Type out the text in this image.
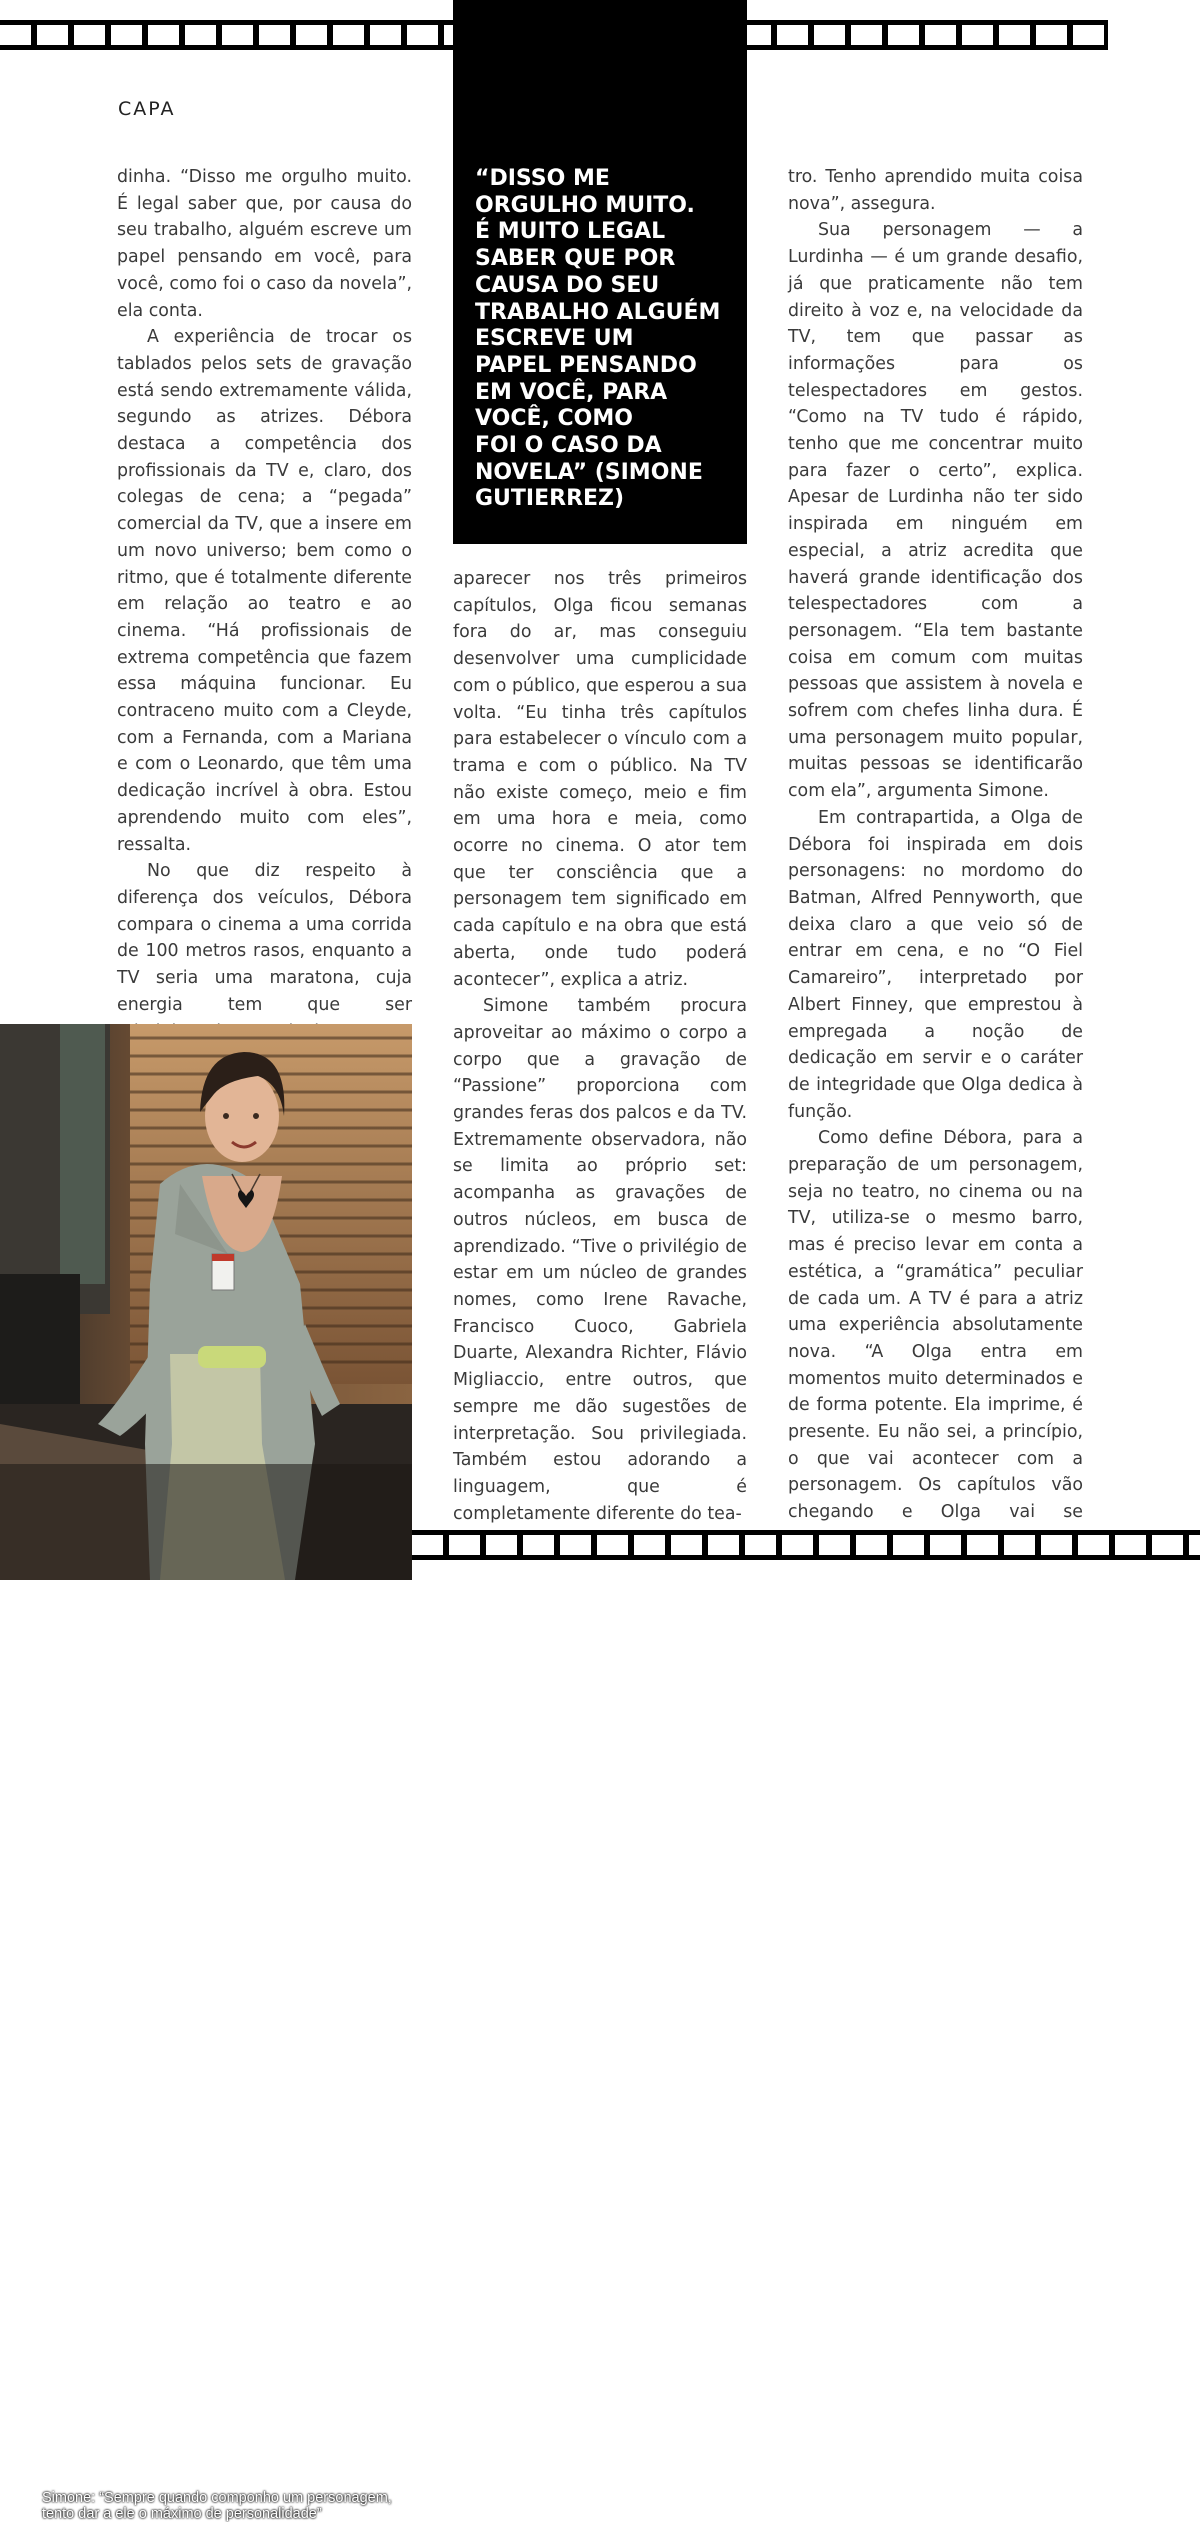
CAPA

“DISSO ME
ORGULHO MUITO.
É MUITO LEGAL
SABER QUE POR
CAUSA DO SEU
TRABALHO ALGUÉM
ESCREVE UM
PAPEL PENSANDO
EM VOCÊ, PARA
VOCÊ, COMO
FOI O CASO DA
NOVELA” (SIMONE
GUTIERREZ)

dinha. “Disso me orgulho muito. É legal saber que, por causa do seu trabalho, alguém escreve um papel pensando em você, para você, como foi o caso da novela”, ela conta.

A experiência de trocar os tablados pelos sets de gravação está sendo extremamente válida, segundo as atrizes. Débora destaca a competência dos profissionais da TV e, claro, dos colegas de cena; a “pegada” comercial da TV, que a insere em um novo universo; bem como o ritmo, que é totalmente diferente em relação ao teatro e ao cinema. “Há profissionais de extrema competência que fazem essa máquina funcionar. Eu contraceno muito com a Cleyde, com a Fernanda, com a Mariana e com o Leonardo, que têm uma dedicação incrível à obra. Estou aprendendo muito com eles”, ressalta.

No que diz respeito à diferença dos veículos, Débora compara o cinema a uma corrida de 100 metros rasos, enquanto a TV seria uma maratona, cuja energia tem que ser

aparecer nos três primeiros capítulos, Olga ficou semanas fora do ar, mas conseguiu desenvolver uma cumplicidade com o público, que esperou a sua volta. “Eu tinha três capítulos para estabelecer o vínculo com a trama e com o público. Na TV não existe começo, meio e fim em uma hora e meia, como ocorre no cinema. O ator tem que ter consciência que a personagem tem significado em cada capítulo e na obra que está aberta, onde tudo poderá acontecer”, explica a atriz.

Simone também procura aproveitar ao máximo o corpo a corpo que a gravação de “Passione” proporciona com grandes feras dos palcos e da TV. Extremamente observadora, não se limita ao próprio set: acompanha as gravações de outros núcleos, em busca de aprendizado. “Tive o privilégio de estar em um núcleo de grandes nomes, como Irene Ravache, Francisco Cuoco, Gabriela Duarte, Alexandra Richter, Flávio Migliaccio, entre outros, que sempre me dão sugestões de interpretação. Sou privilegiada. Também estou adorando a linguagem, que é completamente diferente do tea-

tro. Tenho aprendido muita coisa nova”, assegura.

Sua personagem — a Lurdinha — é um grande desafio, já que praticamente não tem direito à voz e, na velocidade da TV, tem que passar as informações para os telespectadores em gestos. “Como na TV tudo é rápido, tenho que me concentrar muito para fazer o certo”, explica. Apesar de Lurdinha não ter sido inspirada em ninguém em especial, a atriz acredita que haverá grande identificação dos telespectadores com a personagem. “Ela tem bastante coisa em comum com muitas pessoas que assistem à novela e sofrem com chefes linha dura. É uma personagem muito popular, muitas pessoas se identificarão com ela”, argumenta Simone.

Em contrapartida, a Olga de Débora foi inspirada em dois personagens: no mordomo do Batman, Alfred Pennyworth, que deixa claro a que veio só de entrar em cena, e no “O Fiel Camareiro”, interpretado por Albert Finney, que emprestou à empregada a noção de dedicação em servir e o caráter de integridade que Olga dedica à função.

Como define Débora, para a preparação de um personagem, seja no teatro, no cinema ou na TV, utiliza-se o mesmo barro, mas é preciso levar em conta a estética, a “gramática” peculiar de cada um. A TV é para a atriz uma experiência absolutamente nova. “A Olga entra em momentos muito determinados e de forma potente. Ela imprime, é presente. Eu não sei, a princípio, o que vai acontecer com a personagem. Os capítulos vão chegando e Olga vai se

Simone: “Sempre quando componho um personagem, tento dar a ele o máximo de personalidade”
